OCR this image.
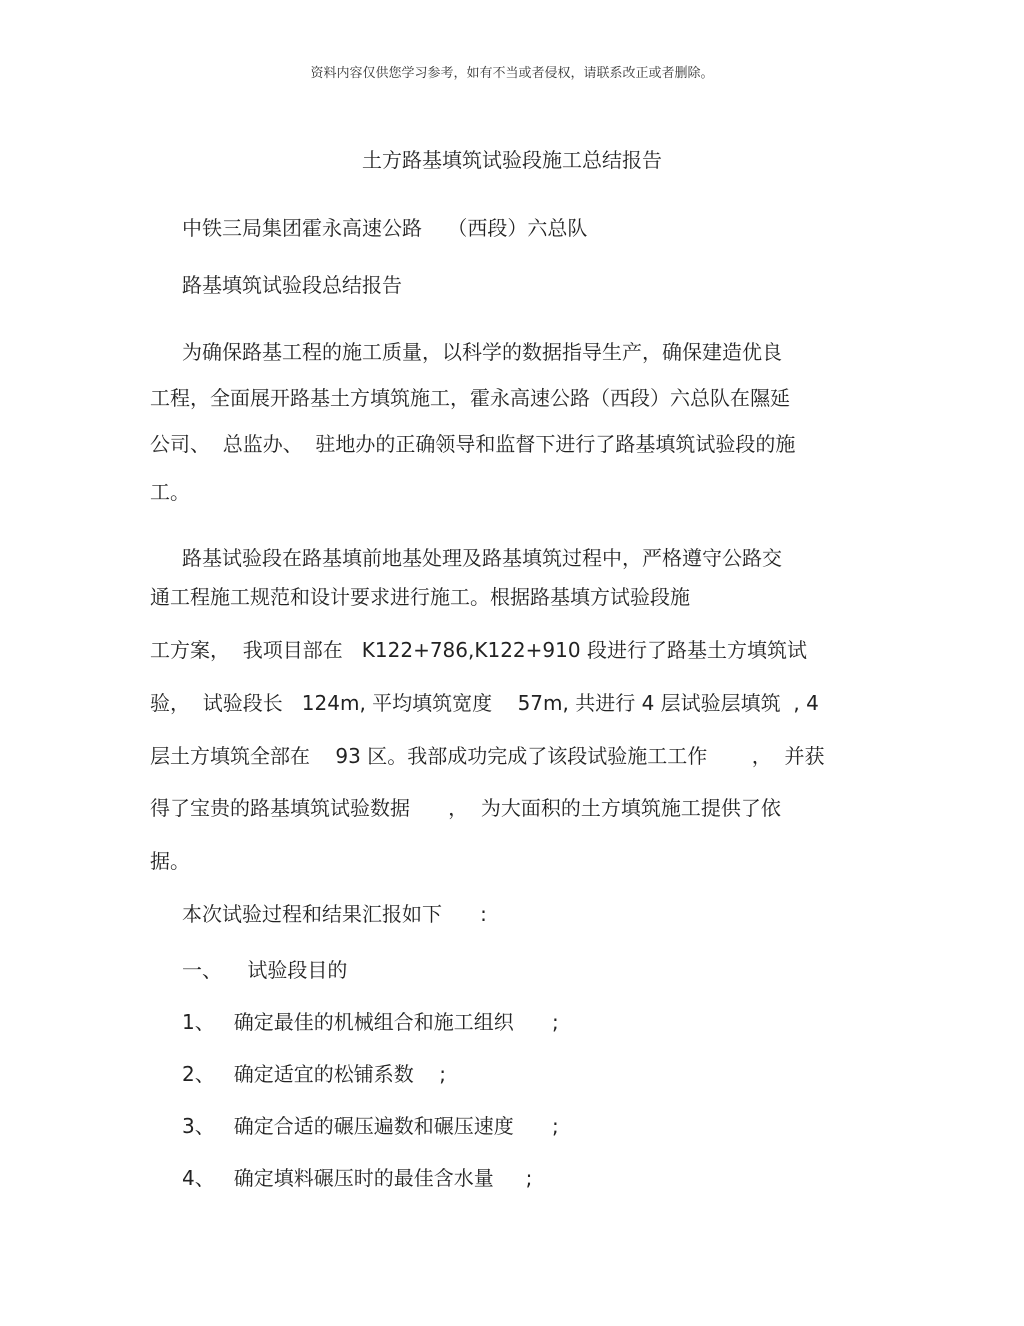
资料内容仅供您学习参考，如有不当或者侵权，请联系改正或者删除。

土方路基填筑试验段施工总结报告

中铁三局集团霍永高速公路    （西段）六总队

路基填筑试验段总结报告

为确保路基工程的施工质量，以科学的数据指导生产，确保建造优良

工程，全面展开路基土方填筑施工，霍永高速公路（西段）六总队在隰延

公司、  总监办、  驻地办的正确领导和监督下进行了路基填筑试验段的施

工。

路基试验段在路基填前地基处理及路基填筑过程中，严格遵守公路交

通工程施工规范和设计要求进行施工。根据路基填方试验段施

工方案，  我项目部在   K122+786,K122+910 段进行了路基土方填筑试

验，  试验段长   124m, 平均填筑宽度    57m, 共进行 4 层试验层填筑  , 4

层土方填筑全部在    93 区。我部成功完成了该段试验施工工作       ，  并获

得了宝贵的路基填筑试验数据      ，  为大面积的土方填筑施工提供了依

据。

本次试验过程和结果汇报如下      :

一、    试验段目的

1、   确定最佳的机械组合和施工组织      ;

2、   确定适宜的松铺系数    ;

3、   确定合适的碾压遍数和碾压速度      ;

4、   确定填料碾压时的最佳含水量     ;
